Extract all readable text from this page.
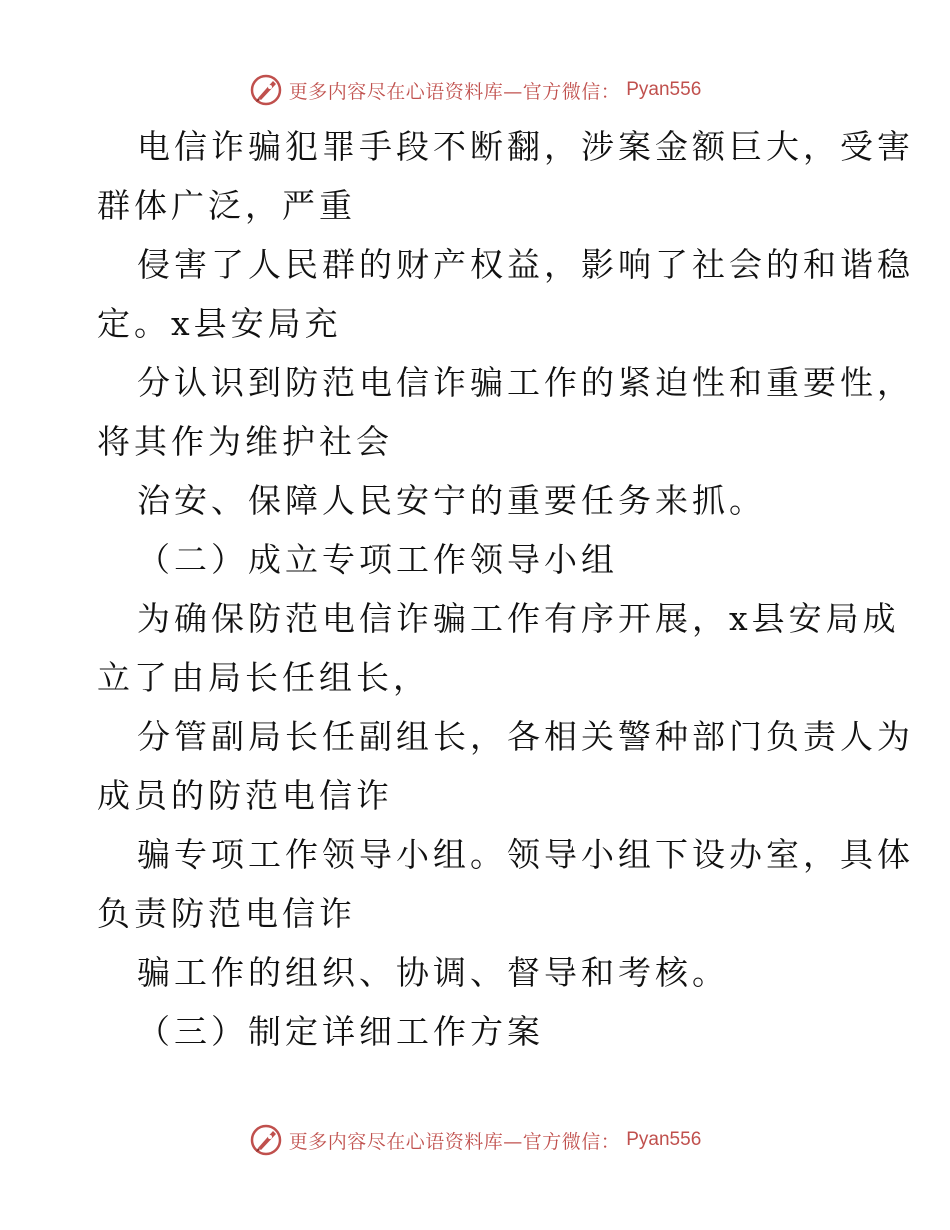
更多内容尽在心语资料库—官方微信： Pyan556
电信诈骗犯罪手段不断翻，涉案金额巨大，受害
群体广泛，严重
侵害了人民群的财产权益，影响了社会的和谐稳
定。x县安局充
分认识到防范电信诈骗工作的紧迫性和重要性，
将其作为维护社会
治安、保障人民安宁的重要任务来抓。
（二）成立专项工作领导小组
为确保防范电信诈骗工作有序开展，x县安局成
立了由局长任组长，
分管副局长任副组长，各相关警种部门负责人为
成员的防范电信诈
骗专项工作领导小组。领导小组下设办室，具体
负责防范电信诈
骗工作的组织、协调、督导和考核。
（三）制定详细工作方案
更多内容尽在心语资料库—官方微信： Pyan556
